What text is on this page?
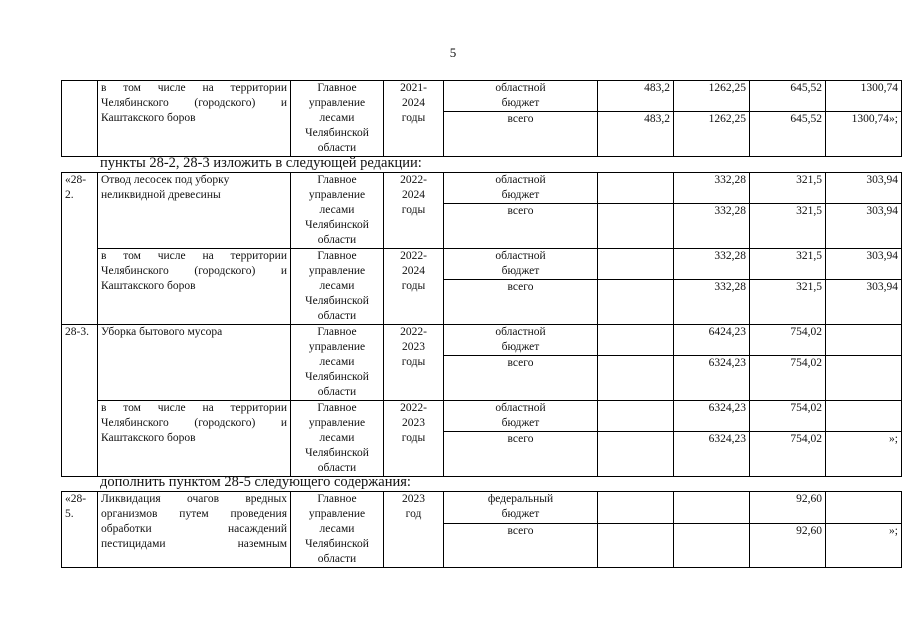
5

	в том числе на территории
Челябинского (городского) и
Каштакского боров	Главное
управление
лесами
Челябинской
области	2021-
2024
годы	областной
бюджет	483,2	1262,25	645,52	1300,74
				всего	483,2	1262,25	645,52	1300,74»;
пункты 28-2, 28-3 изложить в следующей редакции:
«28-2.	Отвод лесосек под уборку
неликвидной древесины	Главное
управление
лесами
Челябинской
области	2022-
2024
годы	областной
бюджет		332,28	321,5	303,94
				всего		332,28	321,5	303,94

	в том числе на территории
Челябинского (городского) и
Каштакского боров	Главное
управление
лесами
Челябинской
области	2022-
2024
годы	областной
бюджет		332,28	321,5	303,94
				всего		332,28	321,5	303,94
28-3.	Уборка бытового мусора	Главное
управление
лесами
Челябинской
области	2022-
2023
годы	областной
бюджет		6424,23	754,02	
				всего		6324,23	754,02	

	в том числе на территории
Челябинского (городского) и
Каштакского боров	Главное
управление
лесами
Челябинской
области	2022-
2023
годы	областной
бюджет		6324,23	754,02	
				всего		6324,23	754,02	»;
дополнить пунктом 28-5 следующего содержания:
«28-5.	Ликвидация очагов вредных
организмов путем проведения
обработки насаждений
пестицидами наземным	Главное
управление
лесами
Челябинской
области	2023
год	федеральный
бюджет			92,60	
				всего			92,60	»;
